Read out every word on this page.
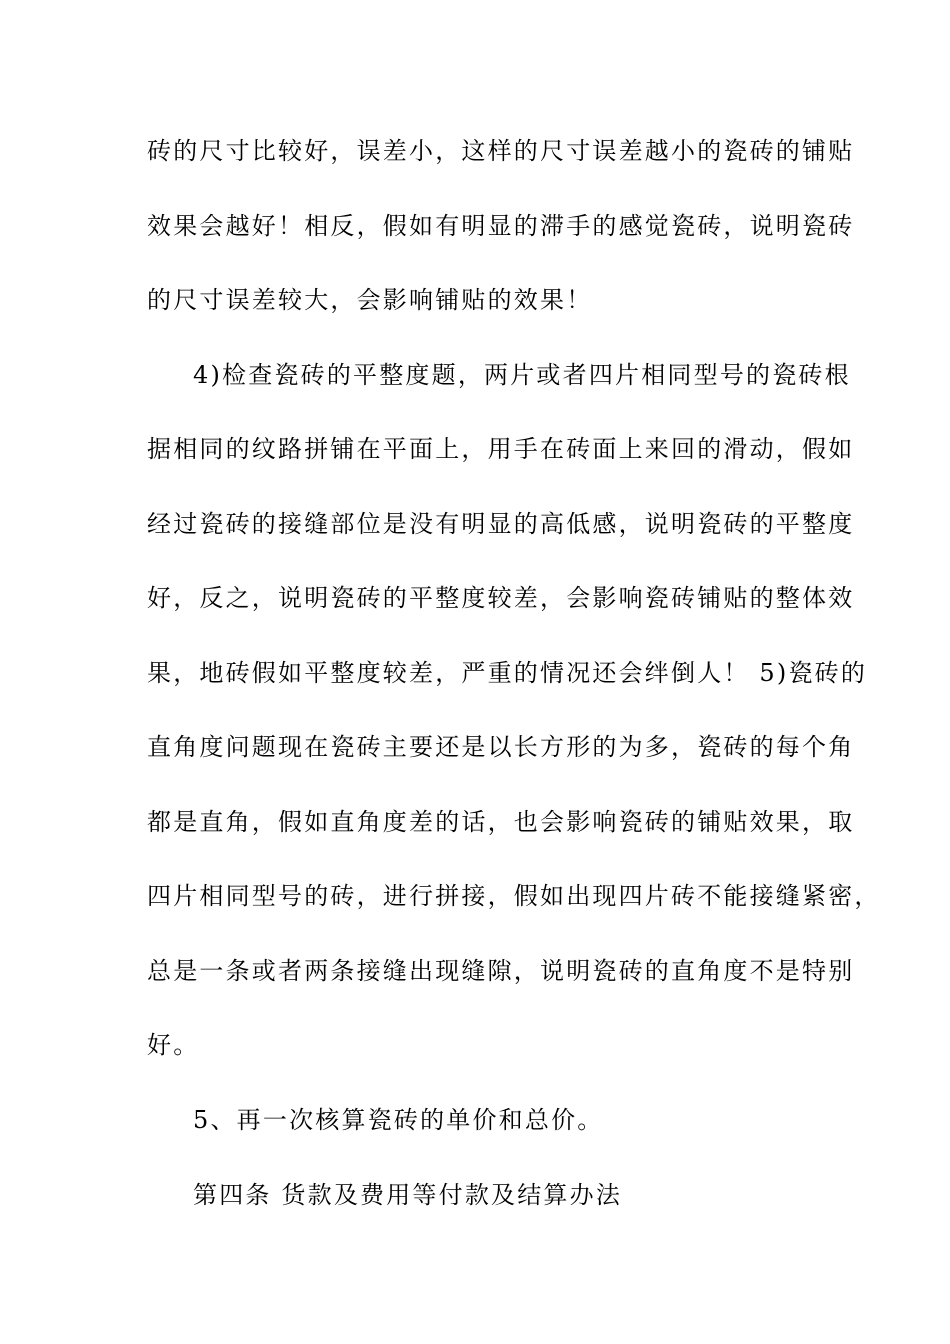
砖的尺寸比较好，误差小，这样的尺寸误差越小的瓷砖的铺贴
效果会越好！相反，假如有明显的滞手的感觉瓷砖，说明瓷砖
的尺寸误差较大，会影响铺贴的效果！
4)检查瓷砖的平整度题，两片或者四片相同型号的瓷砖根
据相同的纹路拼铺在平面上，用手在砖面上来回的滑动，假如
经过瓷砖的接缝部位是没有明显的高低感，说明瓷砖的平整度
好，反之，说明瓷砖的平整度较差，会影响瓷砖铺贴的整体效
果，地砖假如平整度较差，严重的情况还会绊倒人！ 5)瓷砖的
直角度问题现在瓷砖主要还是以长方形的为多，瓷砖的每个角
都是直角，假如直角度差的话，也会影响瓷砖的铺贴效果，取
四片相同型号的砖，进行拼接，假如出现四片砖不能接缝紧密，
总是一条或者两条接缝出现缝隙，说明瓷砖的直角度不是特别
好。
5、再一次核算瓷砖的单价和总价。
第四条 货款及费用等付款及结算办法
